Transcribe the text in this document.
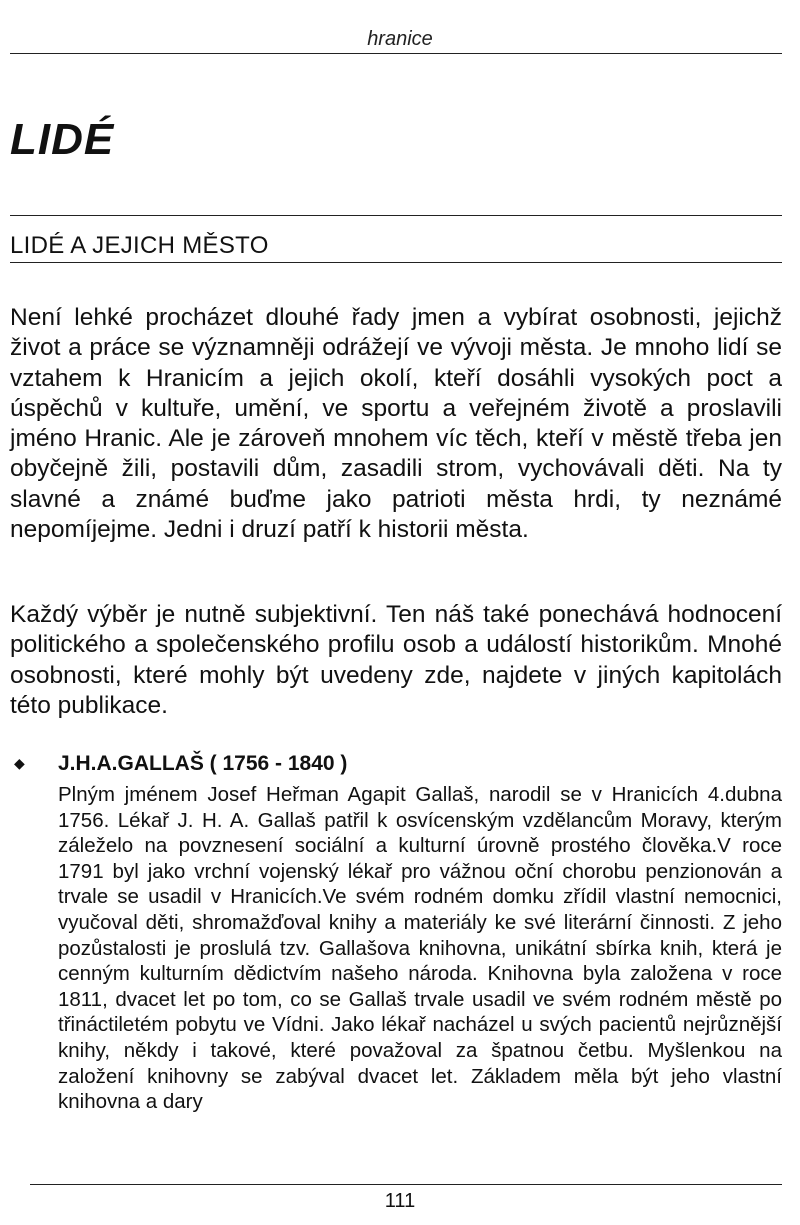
hranice
LIDÉ
LIDÉ A JEJICH MĚSTO

Není lehké procházet dlouhé řady jmen a vybírat osobnosti, jejichž život a práce se významněji odrážejí ve vývoji města. Je mnoho lidí se vztahem k Hranicím a jejich okolí, kteří dosáhli vysokých poct a úspěchů v kultuře, umění, ve sportu a veřejném životě a proslavili jméno Hranic. Ale je zároveň mnohem víc těch, kteří v městě třeba jen obyčejně žili, postavili dům, zasadili strom, vychovávali děti. Na ty slavné a známé buďme jako patrioti města hrdi, ty neznámé nepomíjejme. Jedni i druzí patří k historii města.

Každý výběr je nutně subjektivní. Ten náš také ponechává hodnocení politického a společenského profilu osob a událostí historikům. Mnohé osobnosti, které mohly být uvedeny zde, najdete v jiných kapitolách této publikace.

◆ J.H.A.GALLAŠ ( 1756 - 1840 )

Plným jménem Josef Heřman Agapit Gallaš, narodil se v Hranicích 4.dubna 1756. Lékař J. H. A. Gallaš patřil k osvícenským vzdělancům Moravy, kterým záleželo na povznesení sociální a kulturní úrovně prostého člověka.V roce 1791 byl jako vrchní vojenský lékař pro vážnou oční chorobu penzionován a trvale se usadil v Hranicích.Ve svém rodném domku zřídil vlastní nemocnici, vyučoval děti, shromažďoval knihy a materiály ke své literární činnosti. Z jeho pozůstalosti je proslulá tzv. Gallašova knihovna, unikátní sbírka knih, která je cenným kulturním dědictvím našeho národa. Knihovna byla založena v roce 1811, dvacet let po tom, co se Gallaš trvale usadil ve svém rodném městě po třináctiletém pobytu ve Vídni. Jako lékař nacházel u svých pacientů nejrůznější knihy, někdy i takové, které považoval za špatnou četbu. Myšlenkou na založení knihovny se zabýval dvacet let. Základem měla být jeho vlastní knihovna a dary

111
